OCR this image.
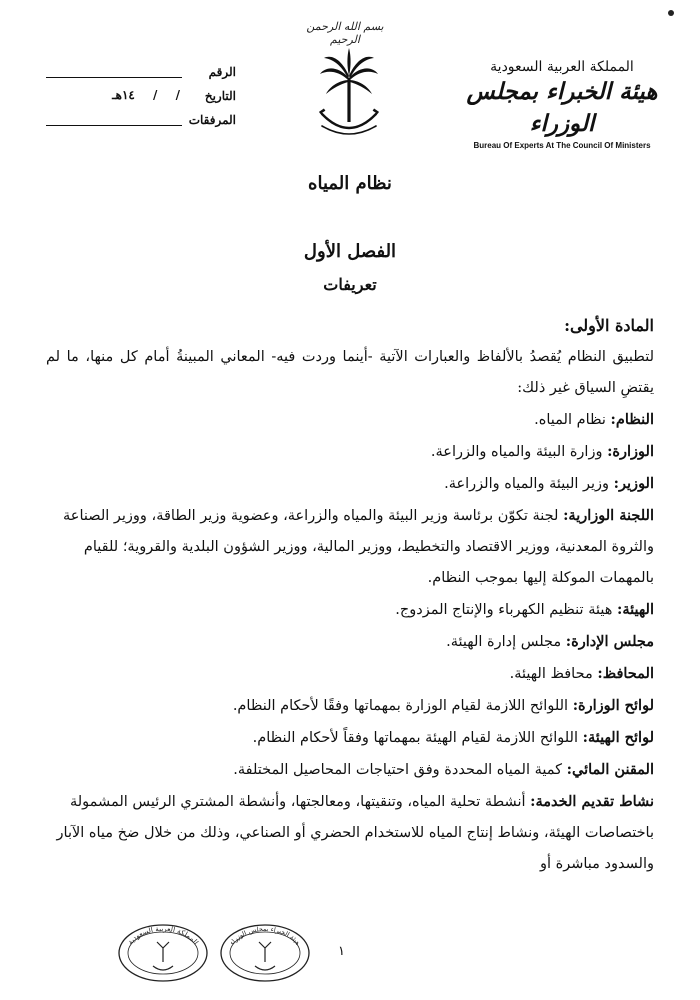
بسم الله الرحمن الرحيم
المملكة العربية السعودية
هيئة الخبراء بمجلس الوزراء
Bureau Of Experts At The Council Of Ministers
الرقم
التاريخ
/ / ١٤هـ
المرفقات
نظام المياه
الفصل الأول
تعريفات
المادة الأولى:
لتطبيق النظام يُقصدُ بالألفاظ والعبارات الآتية -أينما وردت فيه- المعاني المبينةُ أمام كل منها، ما لم يقتضِ السياق غير ذلك:
النظام: نظام المياه.
الوزارة: وزارة البيئة والمياه والزراعة.
الوزير: وزير البيئة والمياه والزراعة.
اللجنة الوزارية: لجنة تكوّن برئاسة وزير البيئة والمياه والزراعة، وعضوية وزير الطاقة، ووزير الصناعة والثروة المعدنية، ووزير الاقتصاد والتخطيط، ووزير المالية، ووزير الشؤون البلدية والقروية؛ للقيام بالمهمات الموكلة إليها بموجب النظام.
الهيئة: هيئة تنظيم الكهرباء والإنتاج المزدوج.
مجلس الإدارة: مجلس إدارة الهيئة.
المحافظ: محافظ الهيئة.
لوائح الوزارة: اللوائح اللازمة لقيام الوزارة بمهماتها وفقًا لأحكام النظام.
لوائح الهيئة: اللوائح اللازمة لقيام الهيئة بمهماتها وفقاً لأحكام النظام.
المقنن المائي: كمية المياه المحددة وفق احتياجات المحاصيل المختلفة.
نشاط تقديم الخدمة: أنشطة تحلية المياه، وتنقيتها، ومعالجتها، وأنشطة المشتري الرئيس المشمولة باختصاصات الهيئة، ونشاط إنتاج المياه للاستخدام الحضري أو الصناعي، وذلك من خلال ضخ مياه الآبار والسدود مباشرة أو
١
المملكة العربية السعودية	هيئة الخبراء بمجلس الوزراء
